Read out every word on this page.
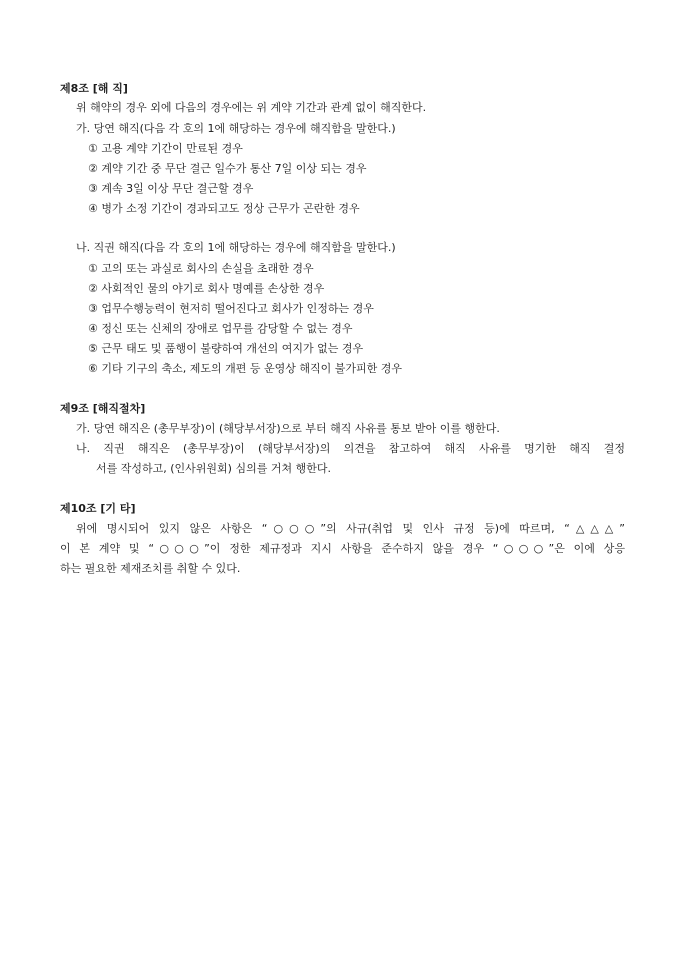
제8조 [해 직]
위 해약의 경우 외에 다음의 경우에는 위 계약 기간과 관계 없이 해직한다.
가. 당연 해직(다음 각 호의 1에 해당하는 경우에 해직함을 말한다.)
① 고용 계약 기간이 만료된 경우
② 계약 기간 중 무단 결근 일수가 통산 7일 이상 되는 경우
③ 계속 3일 이상 무단 결근할 경우
④ 병가 소정 기간이 경과되고도 정상 근무가 곤란한 경우
나. 직권 해직(다음 각 호의 1에 해당하는 경우에 해직함을 말한다.)
① 고의 또는 과실로 회사의 손실을 초래한 경우
② 사회적인 물의 야기로 회사 명예를 손상한 경우
③ 업무수행능력이 현저히 떨어진다고 회사가 인정하는 경우
④ 정신 또는 신체의 장애로 업무를 감당할 수 없는 경우
⑤ 근무 태도 및 품행이 불량하여 개선의 여지가 없는 경우
⑥ 기타 기구의 축소, 제도의 개편 등 운영상 해직이 불가피한 경우
제9조 [해직절차]
가. 당연 해직은 (총무부장)이 (해당부서장)으로 부터 해직 사유를 통보 받아 이를 행한다.
나. 직권 해직은 (총무부장)이 (해당부서장)의 의견을 참고하여 해직 사유를 명기한 해직 결정
서를 작성하고, (인사위원회) 심의를 거쳐 행한다.
제10조 [기 타]
위에 명시되어 있지 않은 사항은 “○○○”의 사규(취업 및 인사 규정 등)에 따르며, “△△△”
이 본 계약 및 “○○○”이 정한 제규정과 지시 사항을 준수하지 않을 경우 “○○○”은 이에 상응
하는 필요한 제재조치를 취할 수 있다.
